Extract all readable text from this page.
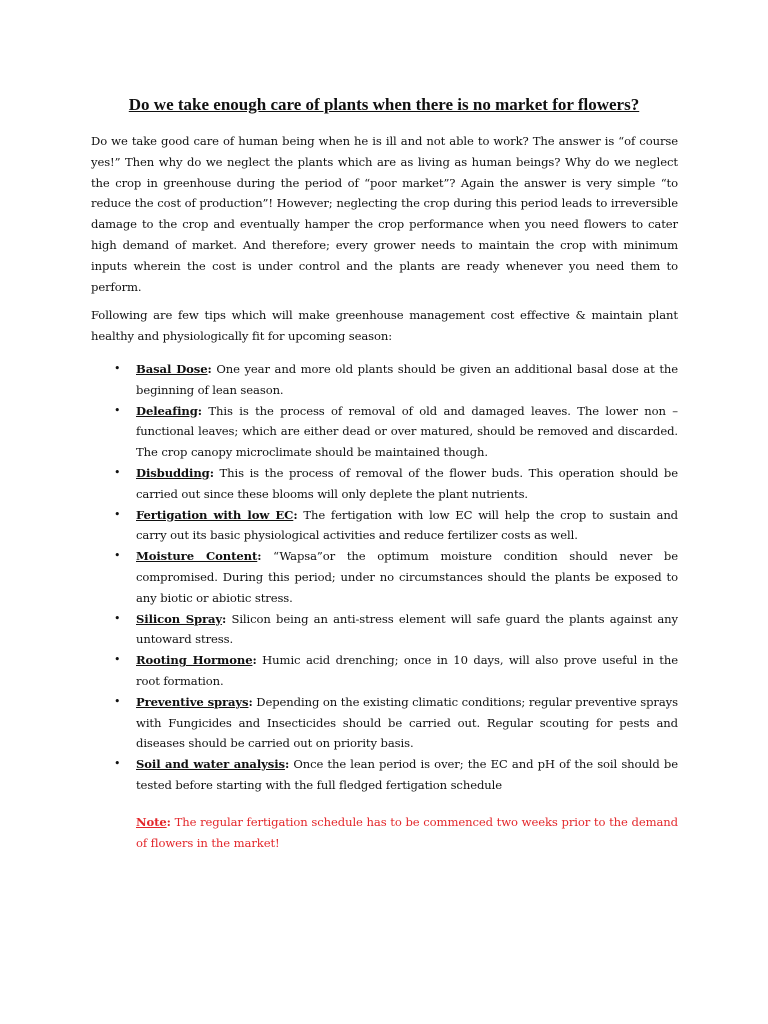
Do we take enough care of plants when there is no market for flowers?

Do we take good care of human being when he is ill and not able to work? The answer is “of course yes!” Then why do we neglect the plants which are as living as human beings? Why do we neglect the crop in greenhouse during the period of “poor market”? Again the answer is very simple “to reduce the cost of production”! However; neglecting the crop during this period leads to irreversible damage to the crop and eventually hamper the crop performance when you need flowers to cater high demand of market. And therefore; every grower needs to maintain the crop with minimum inputs wherein the cost is under control and the plants are ready whenever you need them to perform.

Following are few tips which will make greenhouse management cost effective & maintain plant healthy and physiologically fit for upcoming season:

• Basal Dose: One year and more old plants should be given an additional basal dose at the beginning of lean season.
• Deleafing: This is the process of removal of old and damaged leaves. The lower non – functional leaves; which are either dead or over matured, should be removed and discarded. The crop canopy microclimate should be maintained though.
• Disbudding: This is the process of removal of the flower buds. This operation should be carried out since these blooms will only deplete the plant nutrients.
• Fertigation with low EC: The fertigation with low EC will help the crop to sustain and carry out its basic physiological activities and reduce fertilizer costs as well.
• Moisture Content: “Wapsa”or the optimum moisture condition should never be compromised. During this period; under no circumstances should the plants be exposed to any biotic or abiotic stress.
• Silicon Spray: Silicon being an anti-stress element will safe guard the plants against any untoward stress.
• Rooting Hormone: Humic acid drenching; once in 10 days, will also prove useful in the root formation.
• Preventive sprays: Depending on the existing climatic conditions; regular preventive sprays with Fungicides and Insecticides should be carried out. Regular scouting for pests and diseases should be carried out on priority basis.
• Soil and water analysis: Once the lean period is over; the EC and pH of the soil should be tested before starting with the full fledged fertigation schedule

Note: The regular fertigation schedule has to be commenced two weeks prior to the demand of flowers in the market!
